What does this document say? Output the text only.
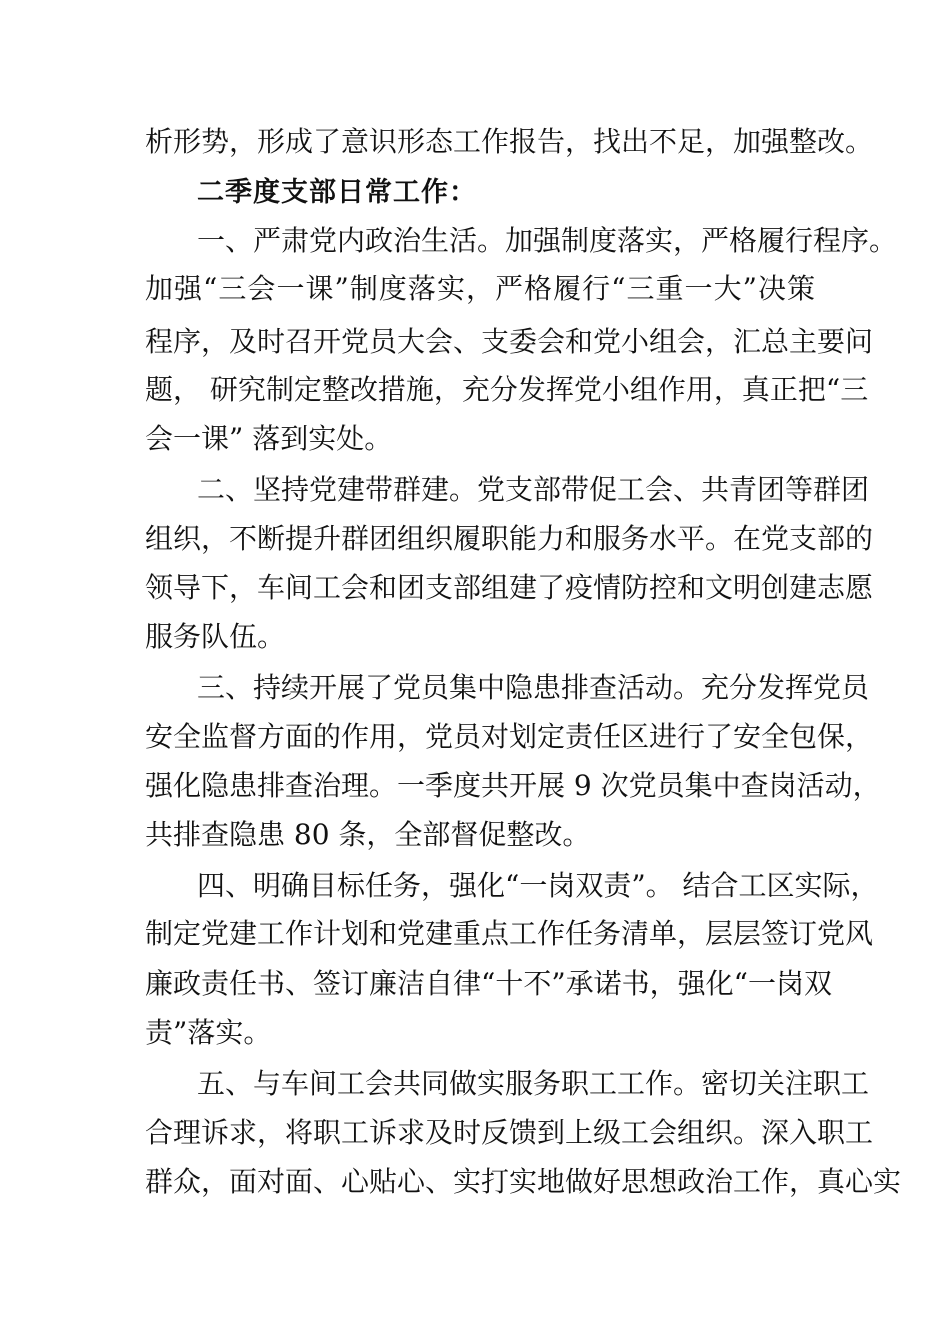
析形势，形成了意识形态工作报告，找出不足，加强整改。
二季度支部日常工作：
一、严肃党内政治生活。加强制度落实，严格履行程序。
加强“三会一课”制度落实，严格履行“三重一大”决策
程序，及时召开党员大会、支委会和党小组会，汇总主要问
题， 研究制定整改措施，充分发挥党小组作用，真正把“三
会一课” 落到实处。
二、坚持党建带群建。党支部带促工会、共青团等群团
组织，不断提升群团组织履职能力和服务水平。在党支部的
领导下，车间工会和团支部组建了疫情防控和文明创建志愿
服务队伍。
三、持续开展了党员集中隐患排查活动。充分发挥党员
安全监督方面的作用，党员对划定责任区进行了安全包保，
强化隐患排查治理。一季度共开展 9 次党员集中查岗活动，
共排查隐患 80 条，全部督促整改。
四、明确目标任务，强化“一岗双责”。 结合工区实际，
制定党建工作计划和党建重点工作任务清单，层层签订党风
廉政责任书、签订廉洁自律“十不”承诺书，强化“一岗双
责”落实。
五、与车间工会共同做实服务职工工作。密切关注职工
合理诉求，将职工诉求及时反馈到上级工会组织。深入职工
群众，面对面、心贴心、实打实地做好思想政治工作，真心实
